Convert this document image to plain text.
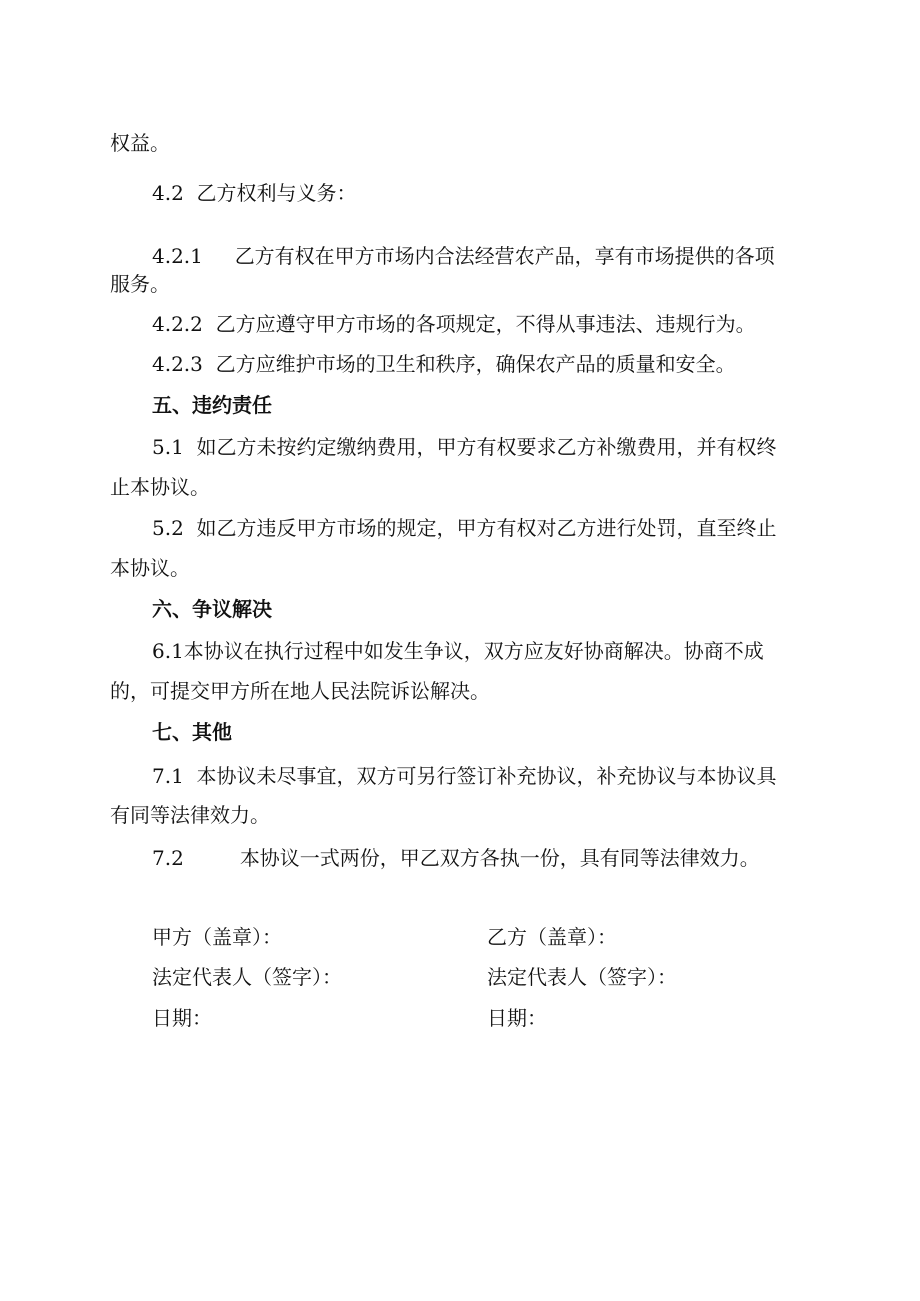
权益。
4.2 乙方权利与义务：
4.2.1 乙方有权在甲方市场内合法经营农产品，享有市场提供的各项
服务。
4.2.2 乙方应遵守甲方市场的各项规定，不得从事违法、违规行为。
4.2.3 乙方应维护市场的卫生和秩序，确保农产品的质量和安全。
五、违约责任
5.1 如乙方未按约定缴纳费用，甲方有权要求乙方补缴费用，并有权终
止本协议。
5.2 如乙方违反甲方市场的规定，甲方有权对乙方进行处罚，直至终止
本协议。
六、争议解决
6.1本协议在执行过程中如发生争议，双方应友好协商解决。协商不成
的，可提交甲方所在地人民法院诉讼解决。
七、其他
7.1 本协议未尽事宜，双方可另行签订补充协议，补充协议与本协议具
有同等法律效力。
7.2	本协议一式两份，甲乙双方各执一份，具有同等法律效力。
甲方（盖章）：	乙方（盖章）：
法定代表人（签字）：	法定代表人（签字）：
日期：	日期：
